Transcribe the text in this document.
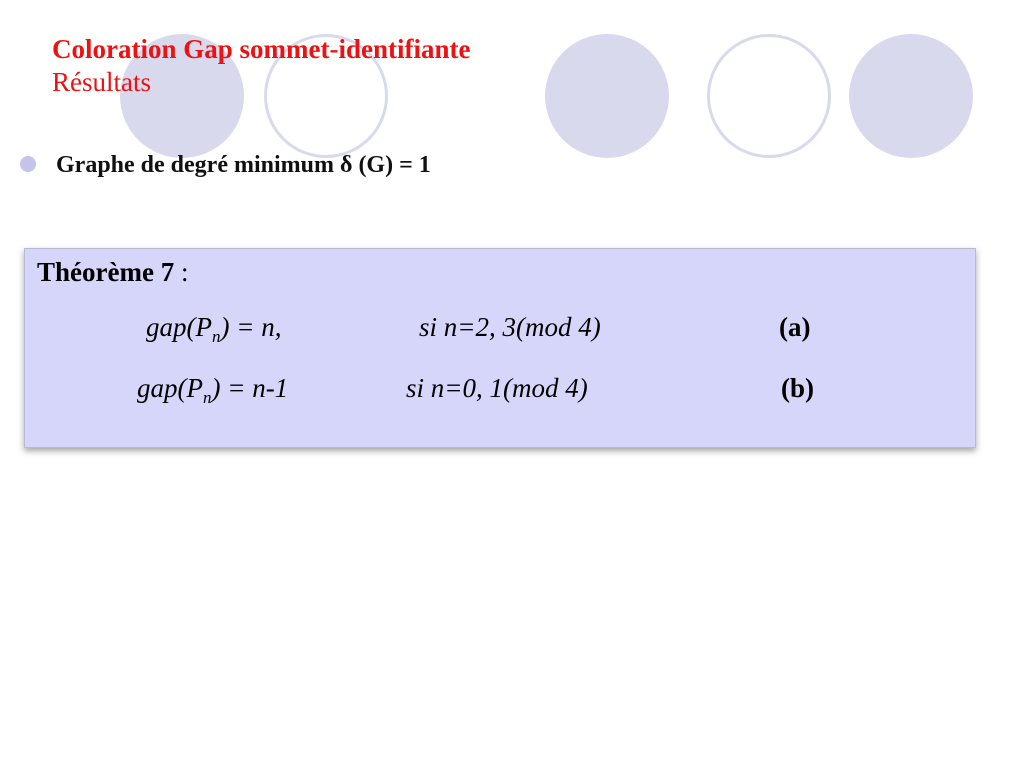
Coloration Gap sommet-identifiante
Résultats
Graphe de degré minimum δ (G) = 1
Théorème 7 :
$gap(P_n) = n$,	si n=2, 3(mod 4)	(a)
$gap(P_n) = n-1$	si n=0, 1(mod 4)	(b)
